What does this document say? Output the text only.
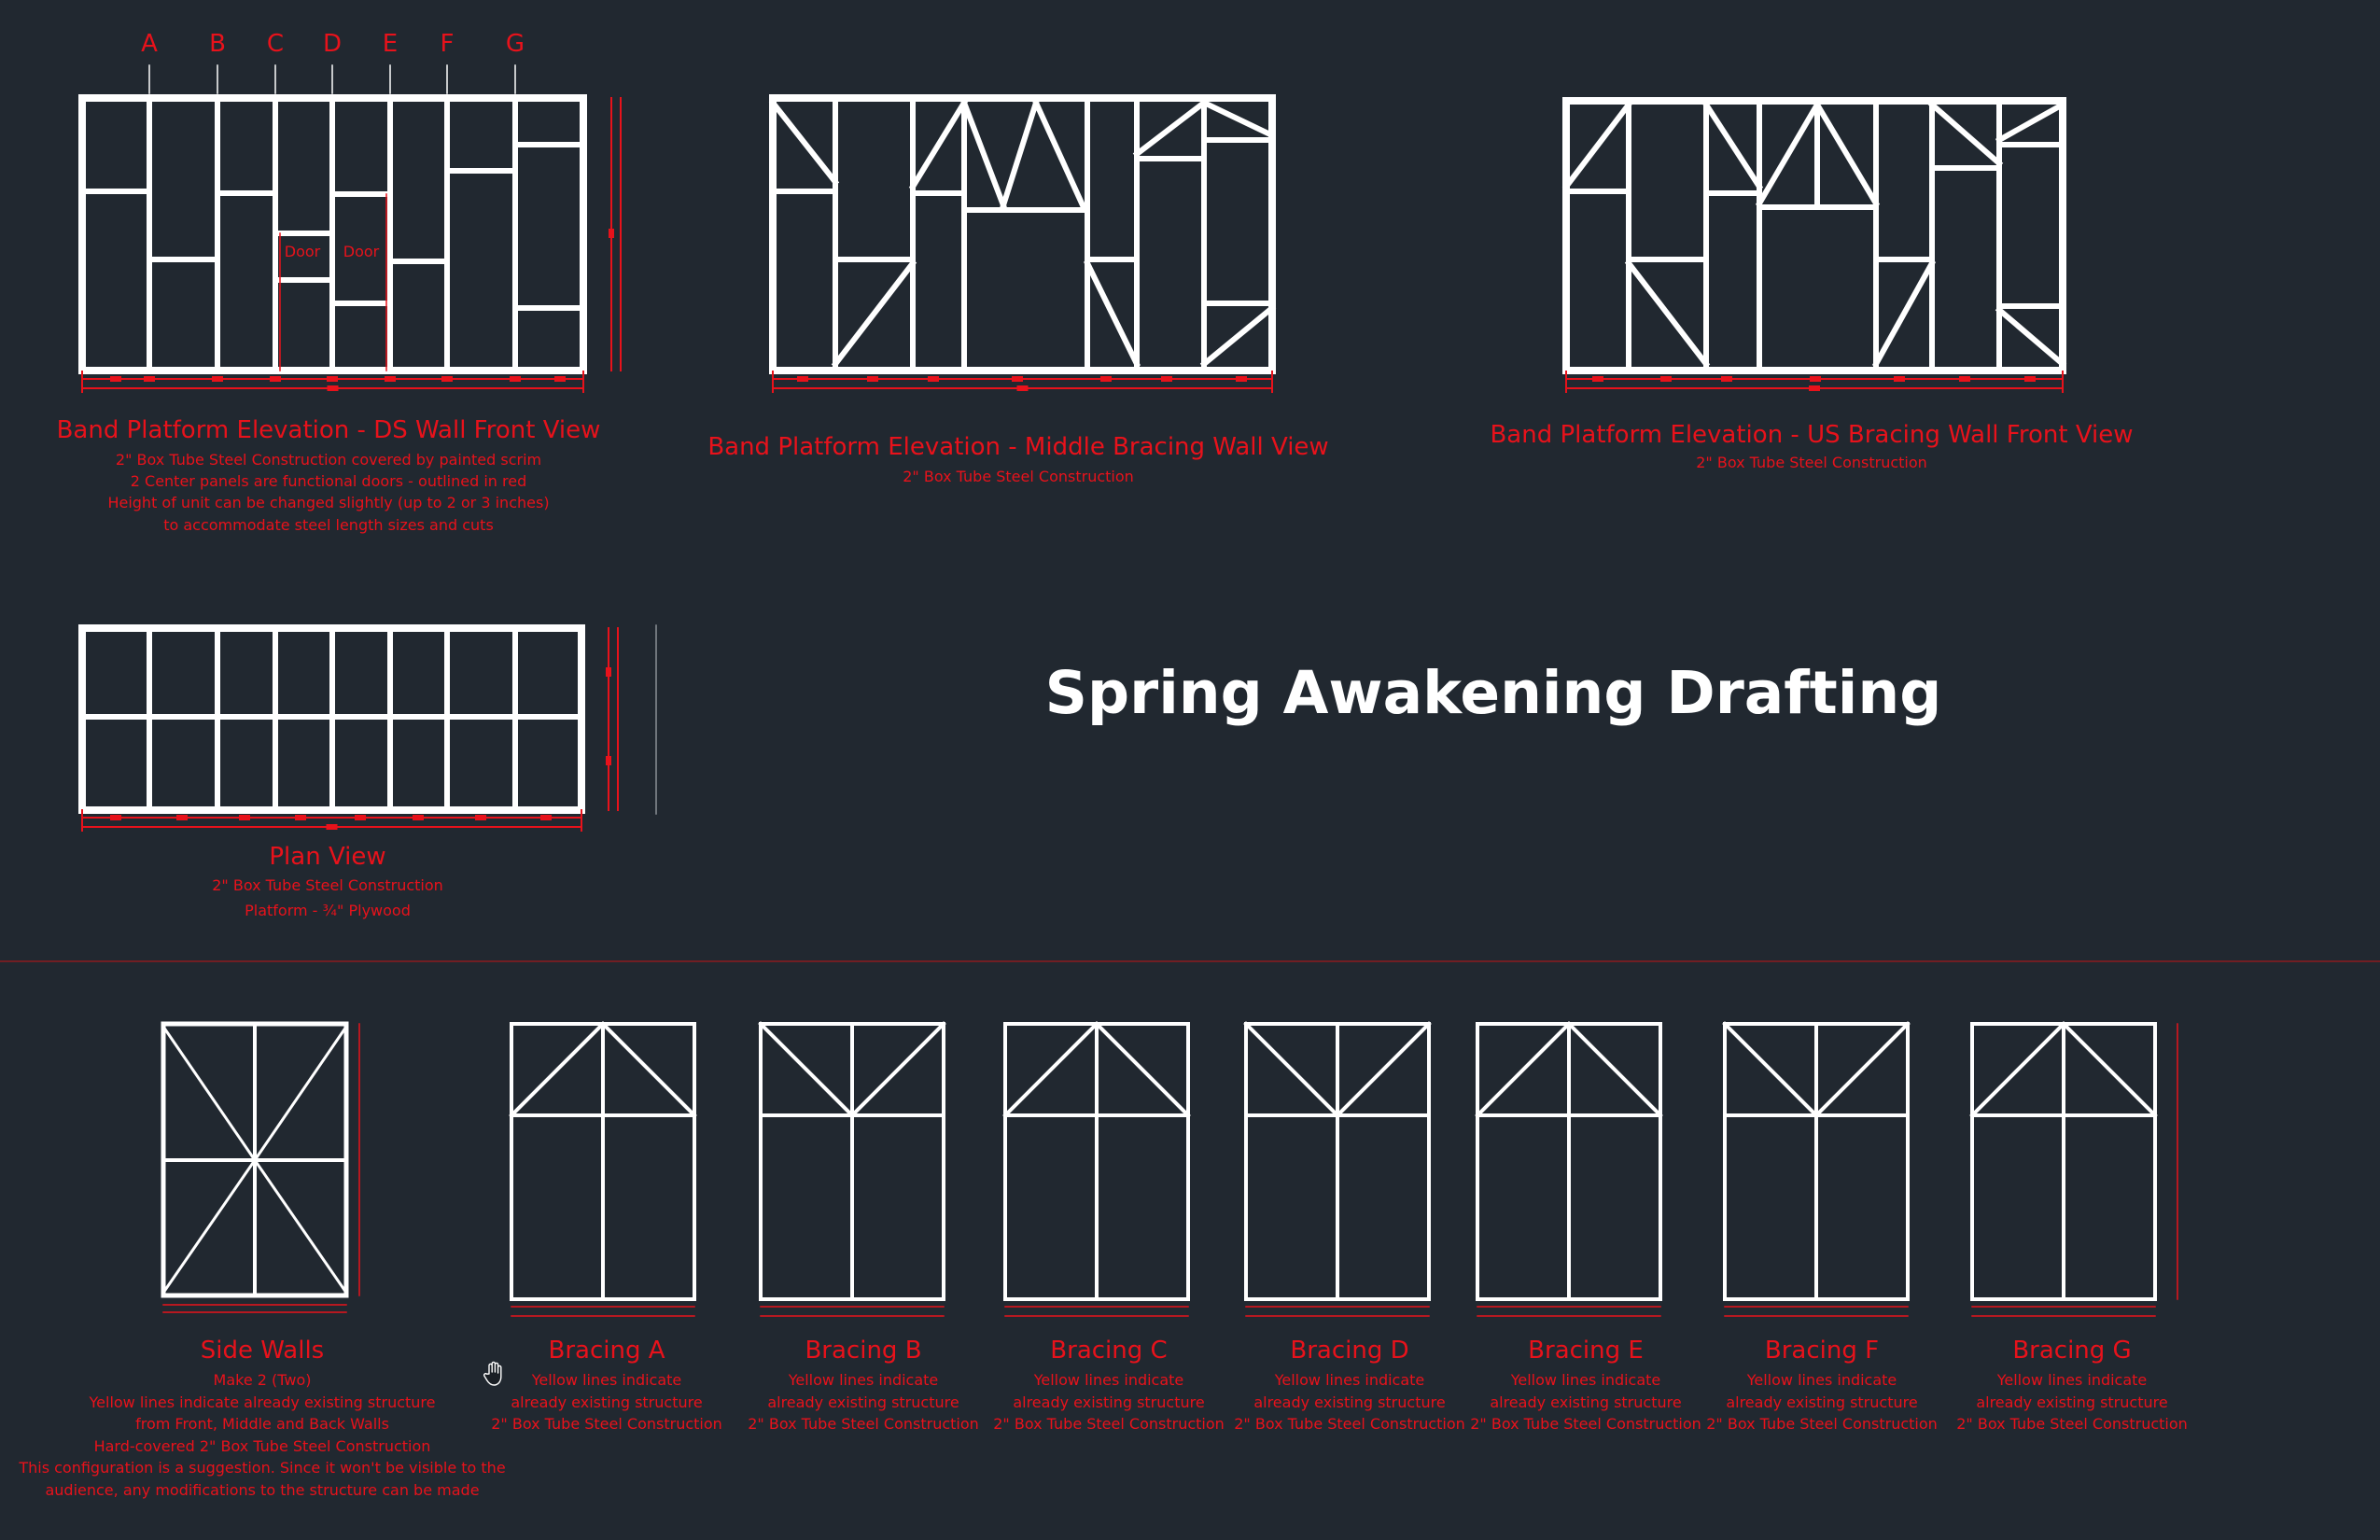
A B C D E F G
Door Door
Band Platform Elevation - DS Wall Front View
2" Box Tube Steel Construction covered by painted scrim
2 Center panels are functional doors - outlined in red
Height of unit can be changed slightly (up to 2 or 3 inches)
to accommodate steel length sizes and cuts
Band Platform Elevation - Middle Bracing Wall View
2" Box Tube Steel Construction
Band Platform Elevation - US Bracing Wall Front View
2" Box Tube Steel Construction
Spring Awakening Drafting
Plan View
2" Box Tube Steel Construction
Platform - ¾" Plywood
Side Walls
Make 2 (Two)
Yellow lines indicate already existing structure
from Front, Middle and Back Walls
Hard-covered 2" Box Tube Steel Construction
This configuration is a suggestion. Since it won't be visible to the
audience, any modifications to the structure can be made
Bracing A
Yellow lines indicate
already existing structure
2" Box Tube Steel Construction
Bracing B
Yellow lines indicate
already existing structure
2" Box Tube Steel Construction
Bracing C
Yellow lines indicate
already existing structure
2" Box Tube Steel Construction
Bracing D
Yellow lines indicate
already existing structure
2" Box Tube Steel Construction
Bracing E
Yellow lines indicate
already existing structure
2" Box Tube Steel Construction
Bracing F
Yellow lines indicate
already existing structure
2" Box Tube Steel Construction
Bracing G
Yellow lines indicate
already existing structure
2" Box Tube Steel Construction
